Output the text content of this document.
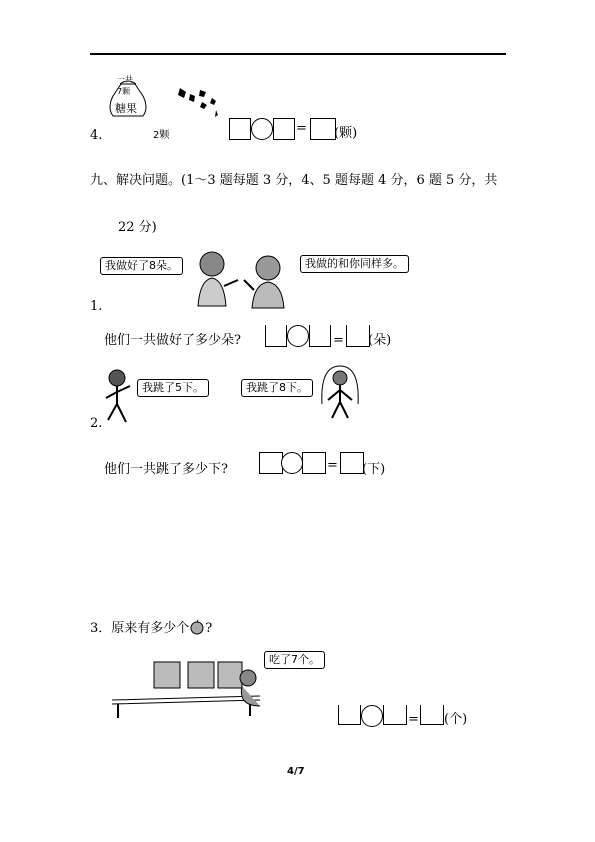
4.
一共
7颗
糖果
2颗	= (颗)
九、解决问题。(1～3 题每题 3 分，4、5 题每题 4 分，6 题 5 分，共
22 分)
我做好了8朵。	我做的和你同样多。
1.
他们一共做好了多少朵?	= (朵)
我跳了5下。	我跳了8下。
2.
他们一共跳了多少下?	= (下)
3．原来有多少个 ?
吃了7个。
= (个)
4/7
